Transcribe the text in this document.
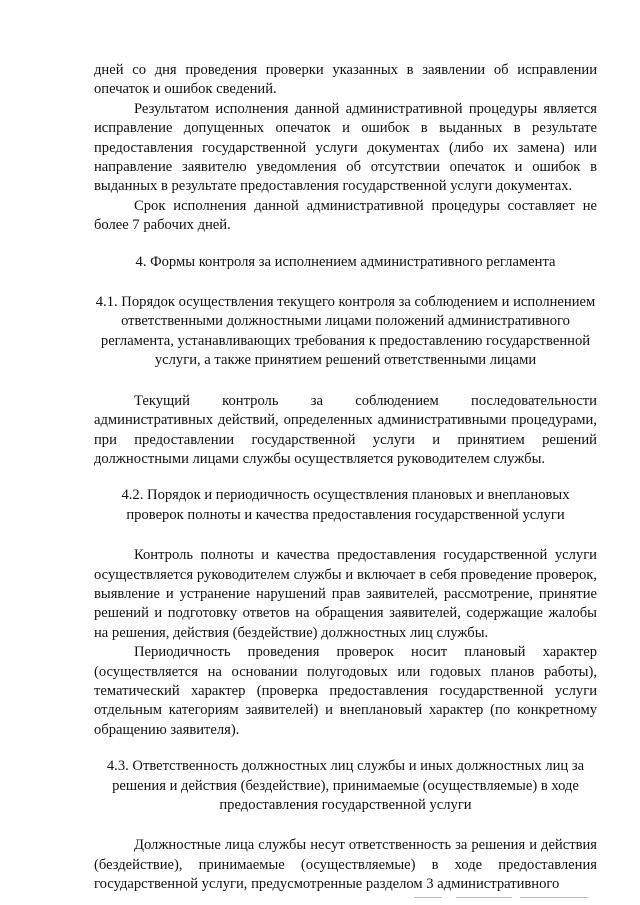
дней со дня проведения проверки указанных в заявлении об исправлении опечаток и ошибок сведений.

Результатом исполнения данной административной процедуры является исправление допущенных опечаток и ошибок в выданных в результате предоставления государственной услуги документах (либо их замена) или направление заявителю уведомления об отсутствии опечаток и ошибок в выданных в результате предоставления государственной услуги документах.

Срок исполнения данной административной процедуры составляет не более 7 рабочих дней.

4. Формы контроля за исполнением административного регламента

4.1. Порядок осуществления текущего контроля за соблюдением и исполнением ответственными должностными лицами положений административного регламента, устанавливающих требования к предоставлению государственной услуги, а также принятием решений ответственными лицами

Текущий контроль за соблюдением последовательности административных действий, определенных административными процедурами, при предоставлении государственной услуги и принятием решений должностными лицами службы осуществляется руководителем службы.

4.2. Порядок и периодичность осуществления плановых и внеплановых проверок полноты и качества предоставления государственной услуги

Контроль полноты и качества предоставления государственной услуги осуществляется руководителем службы и включает в себя проведение проверок, выявление и устранение нарушений прав заявителей, рассмотрение, принятие решений и подготовку ответов на обращения заявителей, содержащие жалобы на решения, действия (бездействие) должностных лиц службы.

Периодичность проведения проверок носит плановый характер (осуществляется на основании полугодовых или годовых планов работы), тематический характер (проверка предоставления государственной услуги отдельным категориям заявителей) и внеплановый характер (по конкретному обращению заявителя).

4.3. Ответственность должностных лиц службы и иных должностных лиц за решения и действия (бездействие), принимаемые (осуществляемые) в ходе предоставления государственной услуги

Должностные лица службы несут ответственность за решения и действия (бездействие), принимаемые (осуществляемые) в ходе предоставления государственной услуги, предусмотренные разделом 3 административного
